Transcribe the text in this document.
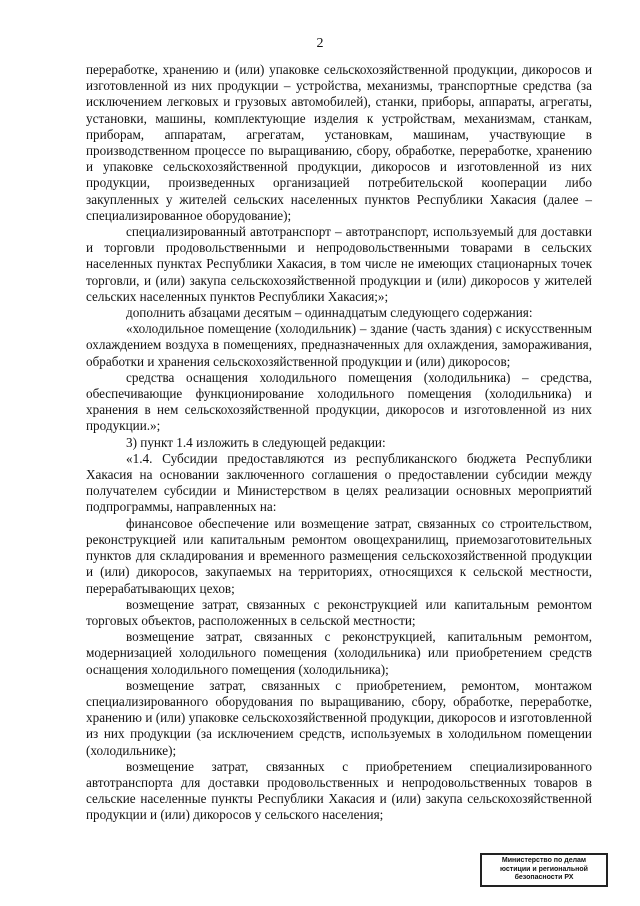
2

переработке, хранению и (или) упаковке сельскохозяйственной продукции, дикоросов и изготовленной из них продукции – устройства, механизмы, транспортные средства (за исключением легковых и грузовых автомобилей), станки, приборы, аппараты, агрегаты, установки, машины, комплектующие изделия к устройствам, механизмам, станкам, приборам, аппаратам, агрегатам, установкам, машинам, участвующие в производственном процессе по выращиванию, сбору, обработке, переработке, хранению и упаковке сельскохозяйственной продукции, дикоросов и изготовленной из них продукции, произведенных организацией потребительской кооперации либо закупленных у жителей сельских населенных пунктов Республики Хакасия (далее – специализированное оборудование);

специализированный автотранспорт – автотранспорт, используемый для доставки и торговли продовольственными и непродовольственными товарами в сельских населенных пунктах Республики Хакасия, в том числе не имеющих стационарных точек торговли, и (или) закупа сельскохозяйственной продукции и (или) дикоросов у жителей сельских населенных пунктов Республики Хакасия;»;

дополнить абзацами десятым – одиннадцатым следующего содержания:

«холодильное помещение (холодильник) – здание (часть здания) с искусственным охлаждением воздуха в помещениях, предназначенных для охлаждения, замораживания, обработки и хранения сельскохозяйственной продукции и (или) дикоросов;

средства оснащения холодильного помещения (холодильника) – средства, обеспечивающие функционирование холодильного помещения (холодильника) и хранения в нем сельскохозяйственной продукции, дикоросов и изготовленной из них продукции.»;

3) пункт 1.4 изложить в следующей редакции:

«1.4. Субсидии предоставляются из республиканского бюджета Республики Хакасия на основании заключенного соглашения о предоставлении субсидии между получателем субсидии и Министерством в целях реализации основных мероприятий подпрограммы, направленных на:

финансовое обеспечение или возмещение затрат, связанных со строительством, реконструкцией или капитальным ремонтом овощехранилищ, приемозаготовительных пунктов для складирования и временного размещения сельскохозяйственной продукции и (или) дикоросов, закупаемых на территориях, относящихся к сельской местности, перерабатывающих цехов;

возмещение затрат, связанных с реконструкцией или капитальным ремонтом торговых объектов, расположенных в сельской местности;

возмещение затрат, связанных с реконструкцией, капитальным ремонтом, модернизацией холодильного помещения (холодильника) или приобретением средств оснащения холодильного помещения (холодильника);

возмещение затрат, связанных с приобретением, ремонтом, монтажом специализированного оборудования по выращиванию, сбору, обработке, переработке, хранению и (или) упаковке сельскохозяйственной продукции, дикоросов и изготовленной из них продукции (за исключением средств, используемых в холодильном помещении (холодильнике);

возмещение затрат, связанных с приобретением специализированного автотранспорта для доставки продовольственных и непродовольственных товаров в сельские населенные пункты Республики Хакасия и (или) закупа сельскохозяйственной продукции и (или) дикоросов у сельского населения;

Министерство по делам
юстиции и региональной
безопасности РХ
